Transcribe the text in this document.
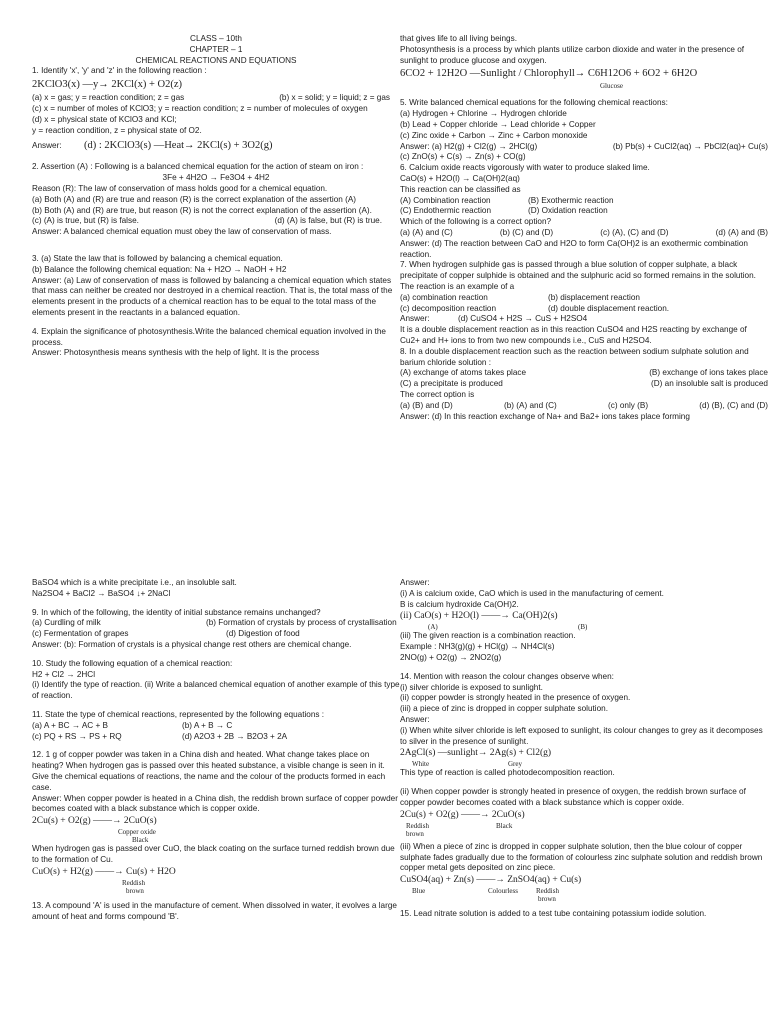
CLASS – 10th

CHAPTER – 1

CHEMICAL REACTIONS AND EQUATIONS

1. Identify 'x', 'y' and 'z' in the following reaction :

2KClO3(x) —y→ 2KCl(x) + O2(z)

(a) x = gas; y = reaction condition; z = gas	(b) x = solid; y = liquid; z = gas

(c) x = number of moles of KClO3; y = reaction condition; z = number of molecules of oxygen

(d) x = physical state of KClO3 and KCl;

y = reaction condition, z = physical state of O2.

Answer:	(d) : 2KClO3(s) —Heat→ 2KCl(s) + 3O2(g)

2. Assertion (A) : Following is a balanced chemical equation for the action of steam on iron :

3Fe + 4H2O → Fe3O4 + 4H2

Reason (R): The law of conservation of mass holds good for a chemical equation.

(a) Both (A) and (R) are true and reason (R) is the correct explanation of the assertion (A)

(b) Both (A) and (R) are true, but reason (R) is not the correct explanation of the assertion (A).

(c) (A) is true, but (R) is false.	(d) (A) is false, but (R) is true.

Answer: A balanced chemical equation must obey the law of conservation of mass.

3. (a) State the law that is followed by balancing a chemical equation.

(b) Balance the following chemical equation: Na + H2O → NaOH + H2

Answer: (a) Law of conservation of mass is followed by balancing a chemical equation which states that mass can neither be created nor destroyed in a chemical reaction. That is, the total mass of the elements present in the products of a chemical reaction has to be equal to the total mass of the elements present in the reactants in a balanced equation.

4. Explain the significance of photosynthesis.Write the balanced chemical equation involved in the process.

Answer: Photosynthesis means synthesis with the help of light. It is the process

that gives life to all living beings.

Photosynthesis is a process by which plants utilize carbon dioxide and water in the presence of sunlight to produce glucose and oxygen.

6CO2 + 12H2O —Sunlight / Chlorophyll→ C6H12O6 + 6O2 + 6H2O

Glucose

5. Write balanced chemical equations for the following chemical reactions:

(a) Hydrogen + Chlorine → Hydrogen chloride

(b) Lead + Copper chloride → Lead chloride + Copper

(c) Zinc oxide + Carbon → Zinc + Carbon monoxide

Answer: (a) H2(g) + Cl2(g) → 2HCl(g)	(b) Pb(s) + CuCl2(aq) → PbCl2(aq)+ Cu(s)

(c) ZnO(s) + C(s) → Zn(s) + CO(g)

6. Calcium oxide reacts vigorously with water to produce slaked lime.

CaO(s) + H2O(l) → Ca(OH)2(aq)

This reaction can be classified as

(A) Combination reaction	(B) Exothermic reaction
(C) Endothermic reaction	(D) Oxidation reaction

Which of the following is a correct option?

(a) (A) and (C)	(b) (C) and (D)	(c) (A), (C) and (D)	(d) (A) and (B)

Answer: (d) The reaction between CaO and H2O to form Ca(OH)2 is an exothermic combination reaction.

7. When hydrogen sulphide gas is passed through a blue solution of copper sulphate, a black precipitate of copper sulphide is obtained and the sulphuric acid so formed remains in the solution. The reaction is an example of a

(a) combination reaction	(b) displacement reaction
(c) decomposition reaction	(d) double displacement reaction.
Answer:	(d) CuSO4 + H2S → CuS + H2SO4

It is a double displacement reaction as in this reaction CuSO4 and H2S reacting by exchange of Cu2+ and H+ ions to from two new compounds i.e., CuS and H2SO4.

8. In a double displacement reaction such as the reaction between sodium sulphate solution and barium chloride solution :

(A) exchange of atoms takes place	(B) exchange of ions takes place
(C) a precipitate is produced	(D) an insoluble salt is produced

The correct option is

(a) (B) and (D)	(b) (A) and (C)	(c) only (B)	(d) (B), (C) and (D)

Answer: (d) In this reaction exchange of Na+ and Ba2+ ions takes place forming

BaSO4 which is a white precipitate i.e., an insoluble salt.

Na2SO4 + BaCl2 → BaSO4 ↓+ 2NaCl

9. In which of the following, the identity of initial substance remains unchanged?

(a) Curdling of milk	(b) Formation of crystals by process of crystallisation
(c) Fermentation of grapes	(d) Digestion of food

Answer: (b): Formation of crystals is a physical change rest others are chemical change.

10. Study the following equation of a chemical reaction:

H2 + Cl2 → 2HCl

(i) Identify the type of reaction. (ii) Write a balanced chemical equation of another example of this type of reaction.

11. State the type of chemical reactions, represented by the following equations :

(a) A + BC → AC + B	(b) A + B → C
(c) PQ + RS → PS + RQ	(d) A2O3 + 2B → B2O3 + 2A

12. 1 g of copper powder was taken in a China dish and heated. What change takes place on heating? When hydrogen gas is passed over this heated substance, a visible change is seen in it. Give the chemical equations of reactions, the name and the colour of the products formed in each case.

Answer: When copper powder is heated in a China dish, the reddish brown surface of copper powder becomes coated with a black substance which is copper oxide.

2Cu(s) + O2(g) ——→ 2CuO(s)

Copper oxide

Black

When hydrogen gas is passed over CuO, the black coating on the surface turned reddish brown due to the formation of Cu.

CuO(s) + H2(g) ——→ Cu(s) + H2O

Reddish

brown

13. A compound 'A' is used in the manufacture of cement. When dissolved in water, it evolves a large amount of heat and forms compound 'B'.

Answer:

(i) A is calcium oxide, CaO which is used in the manufacturing of cement.

B is calcium hydroxide Ca(OH)2.

(ii) CaO(s) + H2O(l) ——→ Ca(OH)2(s)

(A)	(B)

(iii) The given reaction is a combination reaction.

Example : NH3(g)(g) + HCl(g) → NH4Cl(s)

2NO(g) + O2(g) → 2NO2(g)

14. Mention with reason the colour changes observe when:

(i) silver chloride is exposed to sunlight.

(ii) copper powder is strongly heated in the presence of oxygen.

(iii) a piece of zinc is dropped in copper sulphate solution.

Answer:

(i) When white silver chloride is left exposed to sunlight, its colour changes to grey as it decomposes to silver in the presence of sunlight.

2AgCl(s) —sunlight→ 2Ag(s) + Cl2(g)

White	Grey

This type of reaction is called photodecomposition reaction.

(ii) When copper powder is strongly heated in presence of oxygen, the reddish brown surface of copper powder becomes coated with a black substance which is copper oxide.

2Cu(s) + O2(g) ——→ 2CuO(s)

Reddish	Black

brown

(iii) When a piece of zinc is dropped in copper sulphate solution, then the blue colour of copper sulphate fades gradually due to the formation of colourless zinc sulphate solution and reddish brown copper metal gets deposited on zinc piece.

CuSO4(aq) + Zn(s) ——→ ZnSO4(aq) + Cu(s)

Blue	Colourless	Reddish

brown

15. Lead nitrate solution is added to a test tube containing potassium iodide solution.
